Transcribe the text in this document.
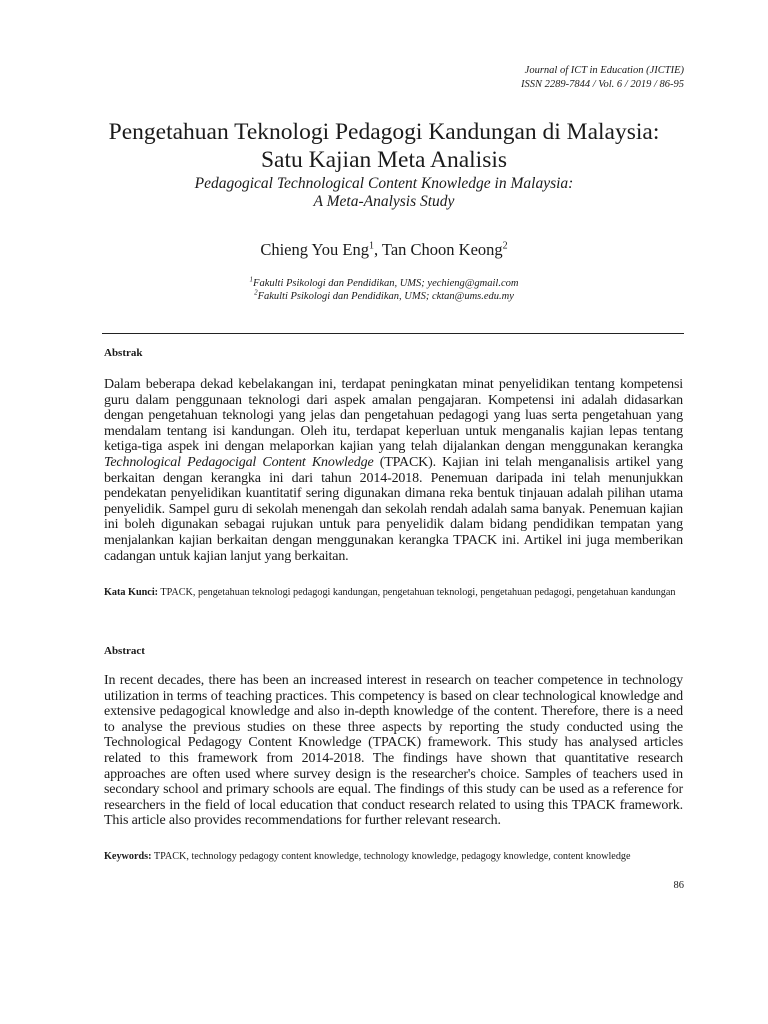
Journal of ICT in Education (JICTIE)
ISSN 2289-7844 / Vol. 6 / 2019 / 86-95
Pengetahuan Teknologi Pedagogi Kandungan di Malaysia:
Satu Kajian Meta Analisis
Pedagogical Technological Content Knowledge in Malaysia:
A Meta-Analysis Study
Chieng You Eng$^1$, Tan Choon Keong$^2$
$^1$Fakulti Psikologi dan Pendidikan, UMS; yechieng@gmail.com
$^2$Fakulti Psikologi dan Pendidikan, UMS; cktan@ums.edu.my
Abstrak
Dalam beberapa dekad kebelakangan ini, terdapat peningkatan minat penyelidikan tentang kompetensi guru dalam penggunaan teknologi dari aspek amalan pengajaran. Kompetensi ini adalah didasarkan dengan pengetahuan teknologi yang jelas dan pengetahuan pedagogi yang luas serta pengetahuan yang mendalam tentang isi kandungan. Oleh itu, terdapat keperluan untuk menganalis kajian lepas tentang ketiga-tiga aspek ini dengan melaporkan kajian yang telah dijalankan dengan menggunakan kerangka Technological Pedagocigal Content Knowledge (TPACK). Kajian ini telah menganalisis artikel yang berkaitan dengan kerangka ini dari tahun 2014-2018. Penemuan daripada ini telah menunjukkan pendekatan penyelidikan kuantitatif sering digunakan dimana reka bentuk tinjauan adalah pilihan utama penyelidik. Sampel guru di sekolah menengah dan sekolah rendah adalah sama banyak. Penemuan kajian ini boleh digunakan sebagai rujukan untuk para penyelidik dalam bidang pendidikan tempatan yang menjalankan kajian berkaitan dengan menggunakan kerangka TPACK ini. Artikel ini juga memberikan cadangan untuk kajian lanjut yang berkaitan.
Kata Kunci: TPACK, pengetahuan teknologi pedagogi kandungan, pengetahuan teknologi, pengetahuan pedagogi, pengetahuan kandungan
Abstract
In recent decades, there has been an increased interest in research on teacher competence in technology utilization in terms of teaching practices. This competency is based on clear technological knowledge and extensive pedagogical knowledge and also in-depth knowledge of the content. Therefore, there is a need to analyse the previous studies on these three aspects by reporting the study conducted using the Technological Pedagogy Content Knowledge (TPACK) framework. This study has analysed articles related to this framework from 2014-2018. The findings have shown that quantitative research approaches are often used where survey design is the researcher's choice. Samples of teachers used in secondary school and primary schools are equal. The findings of this study can be used as a reference for researchers in the field of local education that conduct research related to using this TPACK framework. This article also provides recommendations for further relevant research.
Keywords: TPACK, technology pedagogy content knowledge, technology knowledge, pedagogy knowledge, content knowledge
86
